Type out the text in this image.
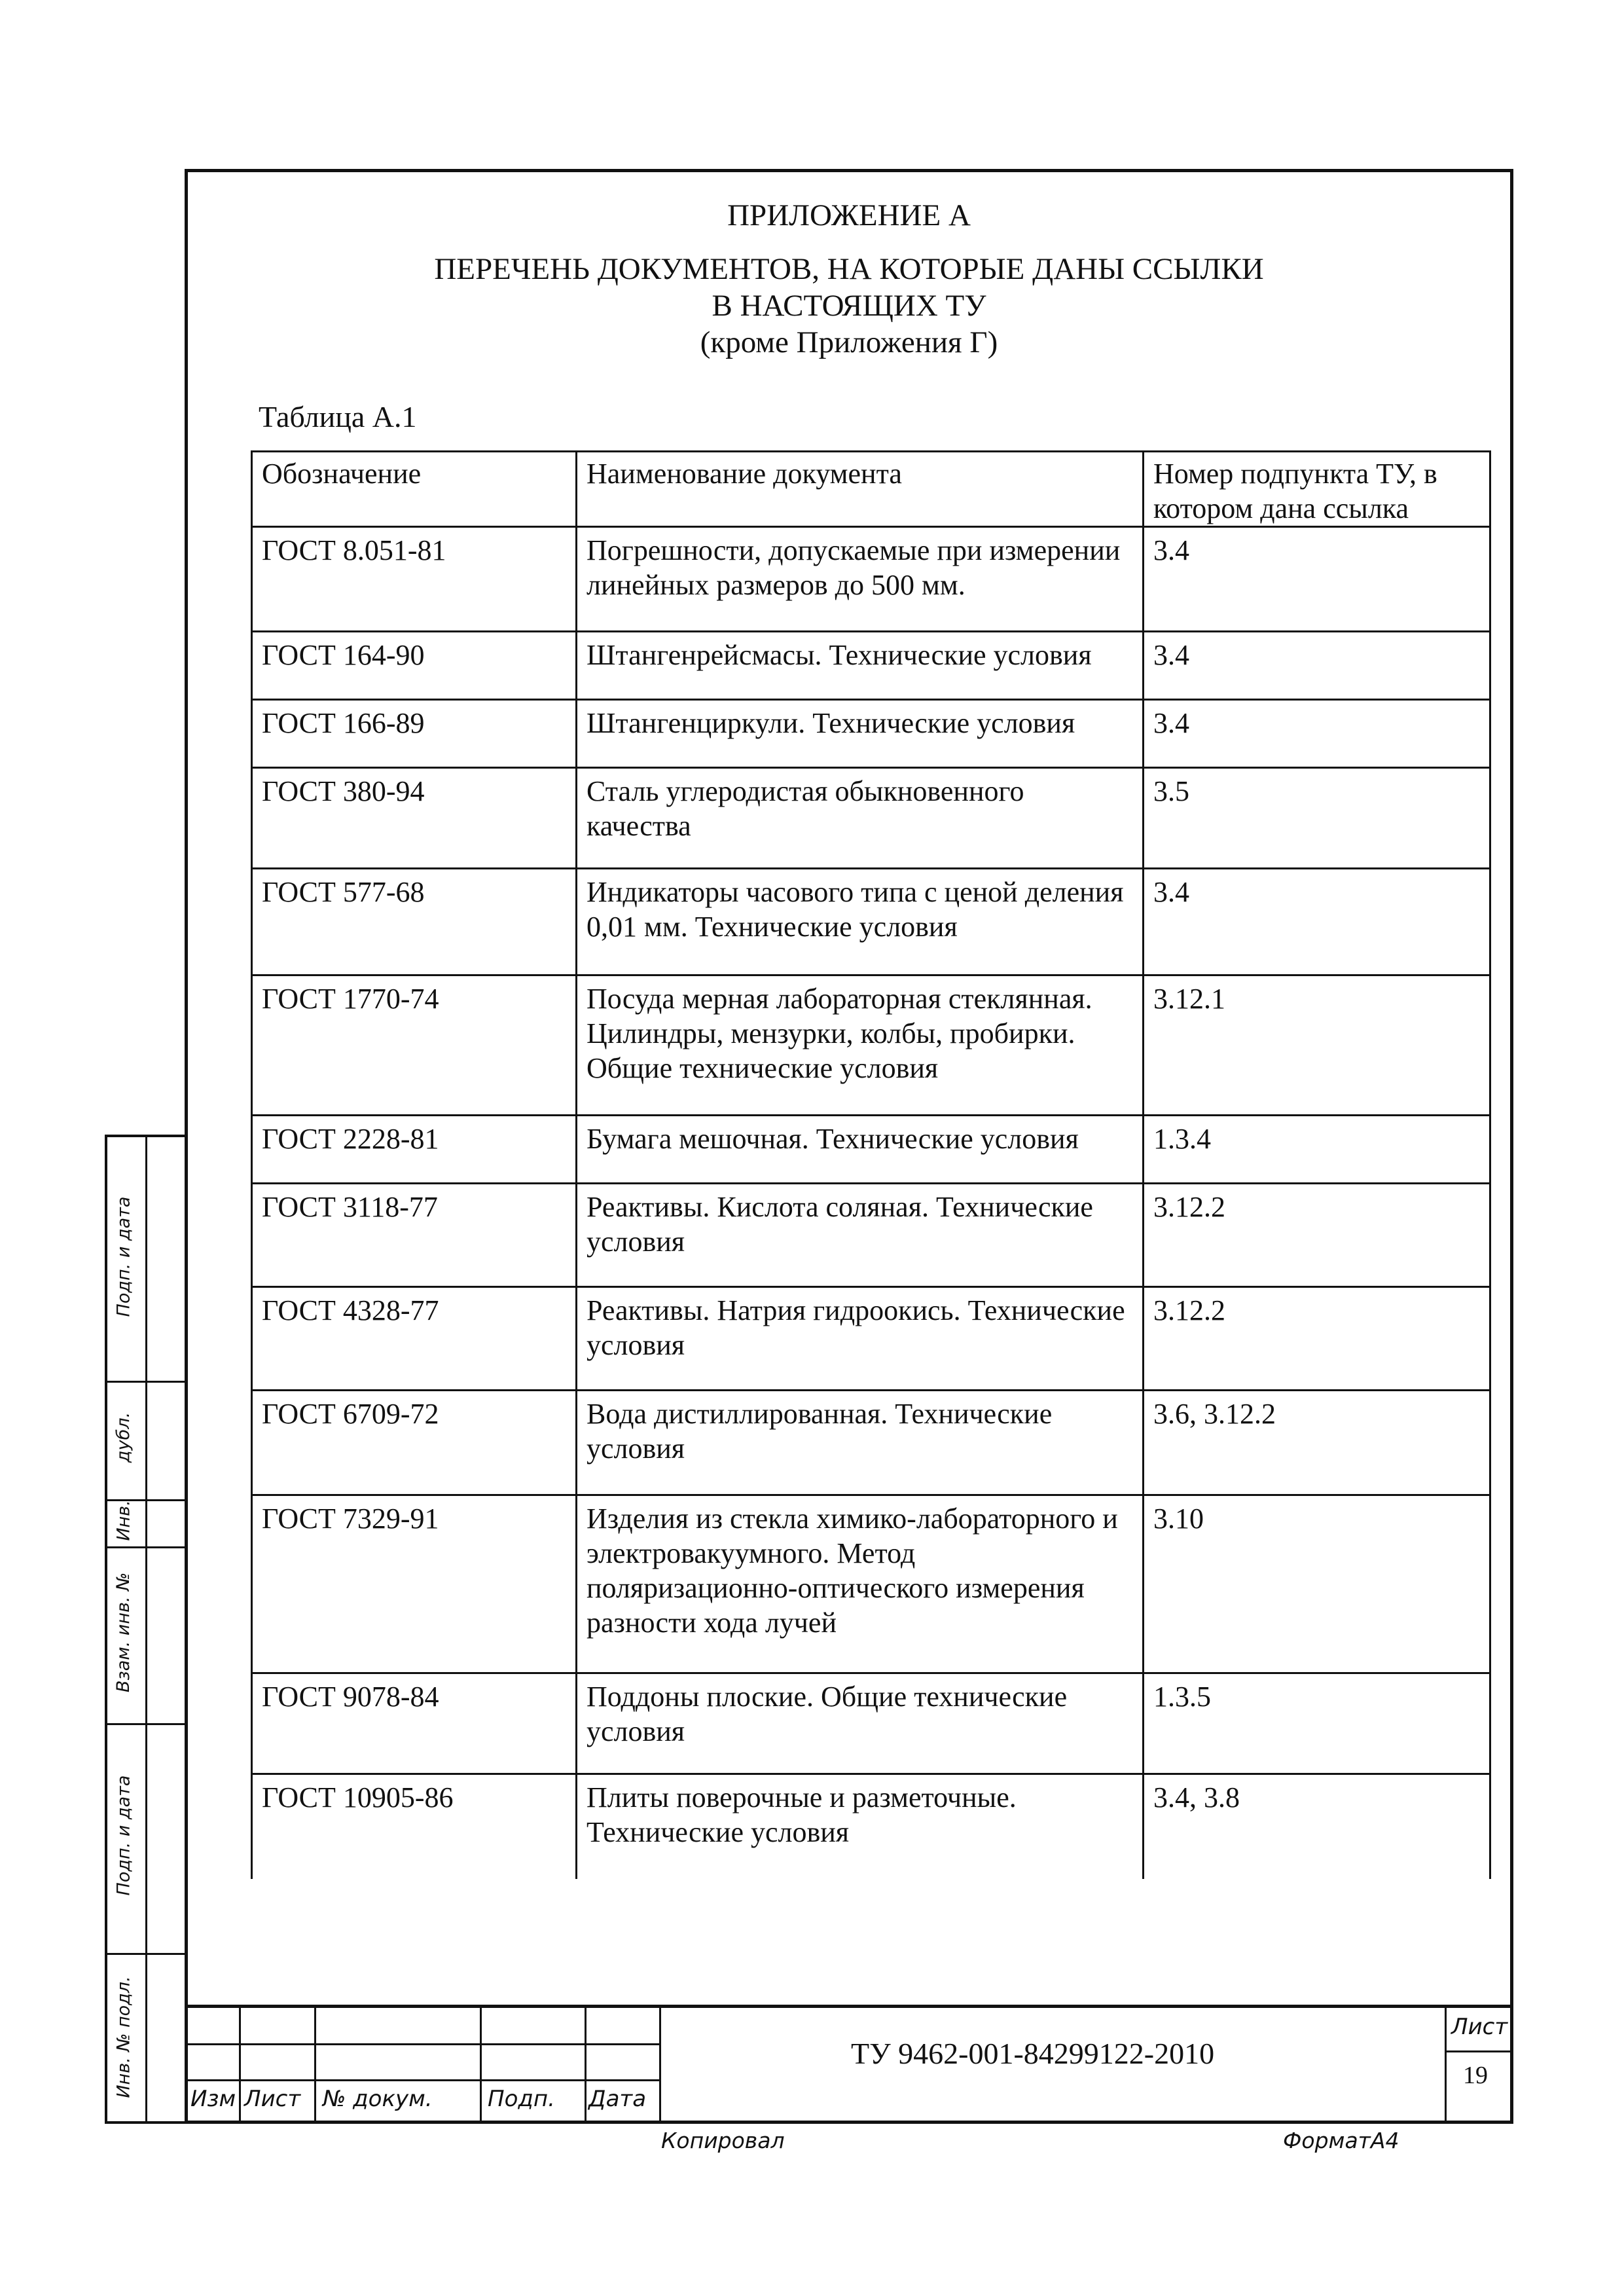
ПРИЛОЖЕНИЕ А
ПЕРЕЧЕНЬ ДОКУМЕНТОВ, НА КОТОРЫЕ ДАНЫ ССЫЛКИ
В НАСТОЯЩИХ ТУ
(кроме Приложения Г)
Таблица А.1
Обозначение	Наименование документа	Номер подпункта ТУ, в котором дана ссылка
ГОСТ 8.051-81	Погрешности, допускаемые при измерении линейных размеров до 500 мм.	3.4
ГОСТ 164-90	Штангенрейсмасы. Технические условия	3.4
ГОСТ 166-89	Штангенциркули. Технические условия	3.4
ГОСТ 380-94	Сталь углеродистая обыкновенного качества	3.5
ГОСТ 577-68	Индикаторы часового типа с ценой деления 0,01 мм. Технические условия	3.4
ГОСТ 1770-74	Посуда мерная лабораторная стеклянная. Цилиндры, мензурки, колбы, пробирки. Общие технические условия	3.12.1
ГОСТ 2228-81	Бумага мешочная. Технические условия	1.3.4
ГОСТ 3118-77	Реактивы. Кислота соляная. Технические условия	3.12.2
ГОСТ 4328-77	Реактивы. Натрия гидроокись. Технические условия	3.12.2
ГОСТ 6709-72	Вода дистиллированная. Технические условия	3.6, 3.12.2
ГОСТ 7329-91	Изделия из стекла химико-лабораторного и электровакуумного. Метод поляризационно-оптического измерения разности хода лучей	3.10
ГОСТ 9078-84	Поддоны плоские. Общие технические условия	1.3.5
ГОСТ 10905-86	Плиты поверочные и разметочные. Технические условия	3.4, 3.8
Подп. и дата
дубл.
Инв.
Взам. инв. №
Подп. и дата
Инв. № подл.
Изм Лист № докум. Подп. Дата
Лист
19
ТУ 9462-001-84299122-2010
Копировал	ФорматА4
